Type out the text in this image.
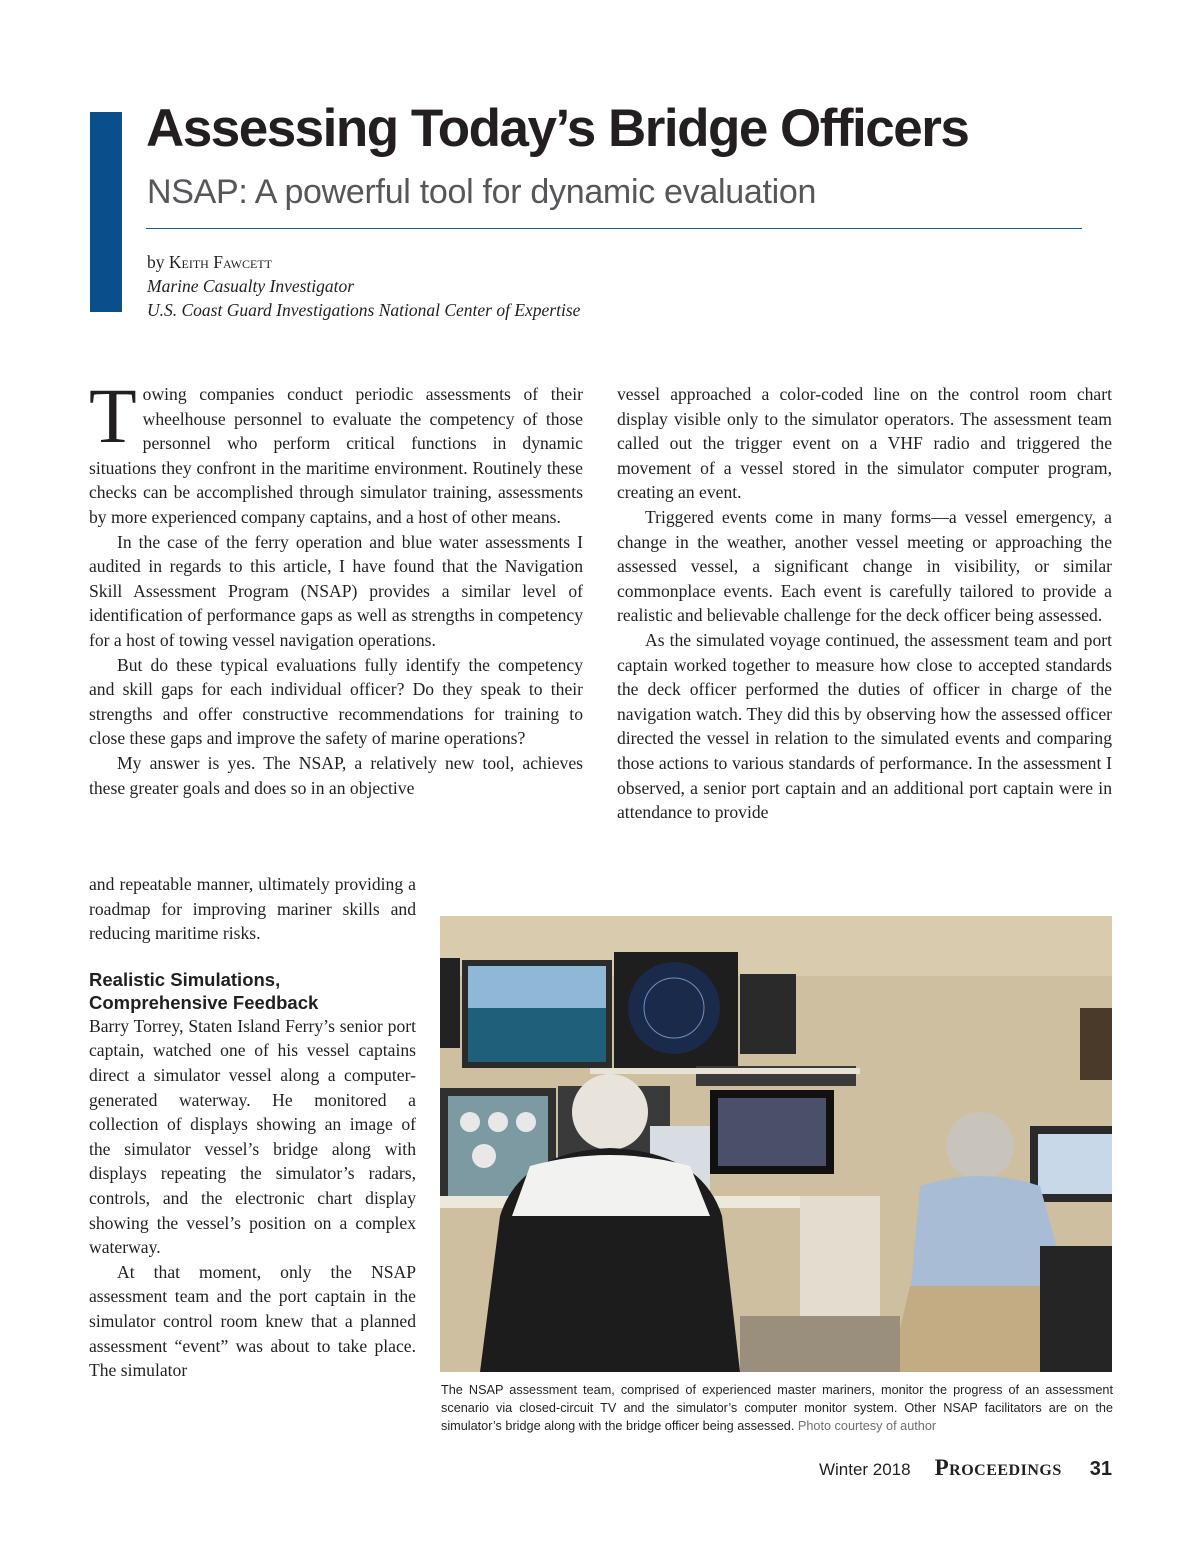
Assessing Today’s Bridge Officers
NSAP: A powerful tool for dynamic evaluation
by Keith Fawcett
Marine Casualty Investigator
U.S. Coast Guard Investigations National Center of Expertise

Towing companies conduct periodic assessments of their wheelhouse personnel to evaluate the competency of those personnel who perform critical functions in dynamic situations they confront in the maritime environment. Routinely these checks can be accomplished through simulator training, assessments by more experienced company captains, and a host of other means.

In the case of the ferry operation and blue water assessments I audited in regards to this article, I have found that the Navigation Skill Assessment Program (NSAP) provides a similar level of identification of performance gaps as well as strengths in competency for a host of towing vessel navigation operations.

But do these typical evaluations fully identify the competency and skill gaps for each individual officer? Do they speak to their strengths and offer constructive recommendations for training to close these gaps and improve the safety of marine operations?

My answer is yes. The NSAP, a relatively new tool, achieves these greater goals and does so in an objective

and repeatable manner, ultimately providing a roadmap for improving mariner skills and reducing maritime risks.

Realistic Simulations,
Comprehensive Feedback

Barry Torrey, Staten Island Ferry’s senior port captain, watched one of his vessel captains direct a simulator vessel along a computer-generated waterway. He monitored a collection of displays showing an image of the simulator vessel’s bridge along with displays repeating the simulator’s radars, controls, and the electronic chart display showing the vessel’s position on a complex waterway.

At that moment, only the NSAP assessment team and the port captain in the simulator control room knew that a planned assessment “event” was about to take place. The simulator

vessel approached a color-coded line on the control room chart display visible only to the simulator operators. The assessment team called out the trigger event on a VHF radio and triggered the movement of a vessel stored in the simulator computer program, creating an event.

Triggered events come in many forms—a vessel emergency, a change in the weather, another vessel meeting or approaching the assessed vessel, a significant change in visibility, or similar commonplace events. Each event is carefully tailored to provide a realistic and believable challenge for the deck officer being assessed.

As the simulated voyage continued, the assessment team and port captain worked together to measure how close to accepted standards the deck officer performed the duties of officer in charge of the navigation watch. They did this by observing how the assessed officer directed the vessel in relation to the simulated events and comparing those actions to various standards of performance. In the assessment I observed, a senior port captain and an additional port captain were in attendance to provide

The NSAP assessment team, comprised of experienced master mariners, monitor the progress of an assessment scenario via closed-circuit TV and the simulator’s computer monitor system. Other NSAP facilitators are on the simulator’s bridge along with the bridge officer being assessed. Photo courtesy of author
Winter 2018 Proceedings 31
